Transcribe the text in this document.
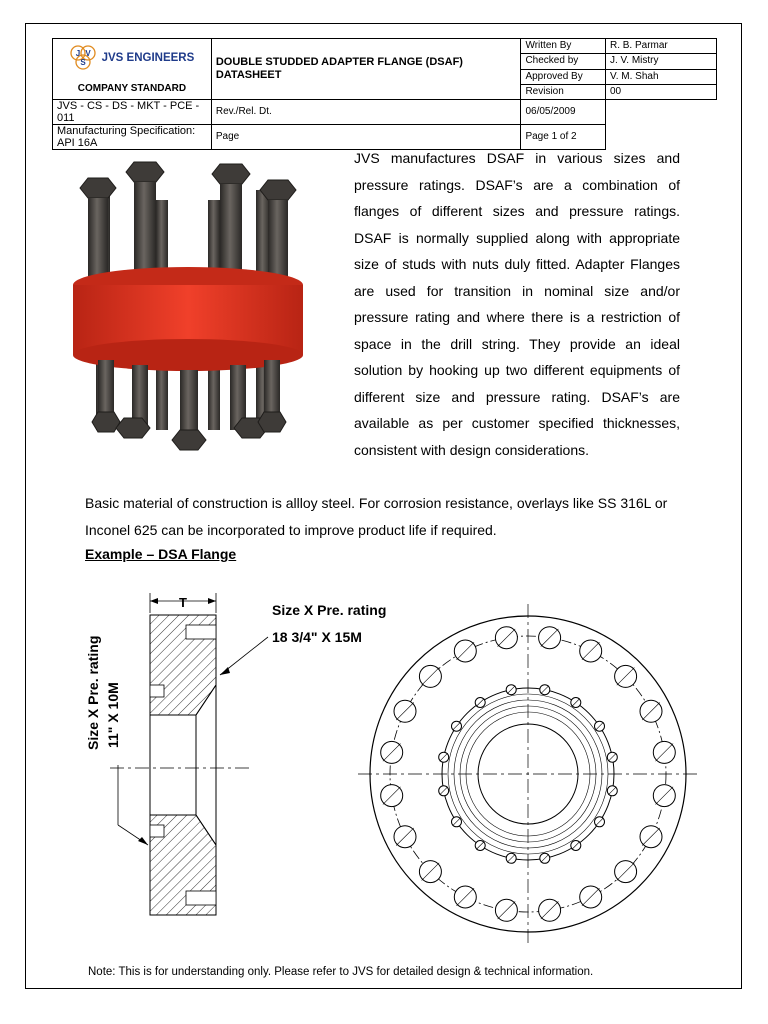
J V
S JVS ENGINEERS
COMPANY STANDARD	DOUBLE STUDDED ADAPTER FLANGE (DSAF) DATASHEET	Written By	R. B. Parmar
		Checked by	J. V. Mistry
		Approved By	V. M. Shah
		Revision	00
JVS - CS - DS - MKT - PCE - 011	Rev./Rel. Dt.	06/05/2009	
Manufacturing Specification: API 16A	Page	Page 1 of 2	

JVS manufactures DSAF in various sizes and pressure ratings. DSAF’s are a combination of flanges of different sizes and pressure ratings. DSAF is normally supplied along with appropriate size of studs with nuts duly fitted. Adapter Flanges are used for transition in nominal size and/or pressure rating and where there is a restriction of space in the drill string. They provide an ideal solution by hooking up two different equipments of different size and pressure rating. DSAF’s are available as per customer specified thicknesses, consistent with design considerations.

Basic material of construction is allloy steel. For corrosion resistance, overlays like SS 316L or Inconel 625 can be incorporated to improve product life if required.

Example – DSA Flange

T
Size X Pre. rating 11" X 10M
Size X Pre. rating
18 3/4" X 15M

Note: This is for understanding only. Please refer to JVS for detailed design & technical information.
